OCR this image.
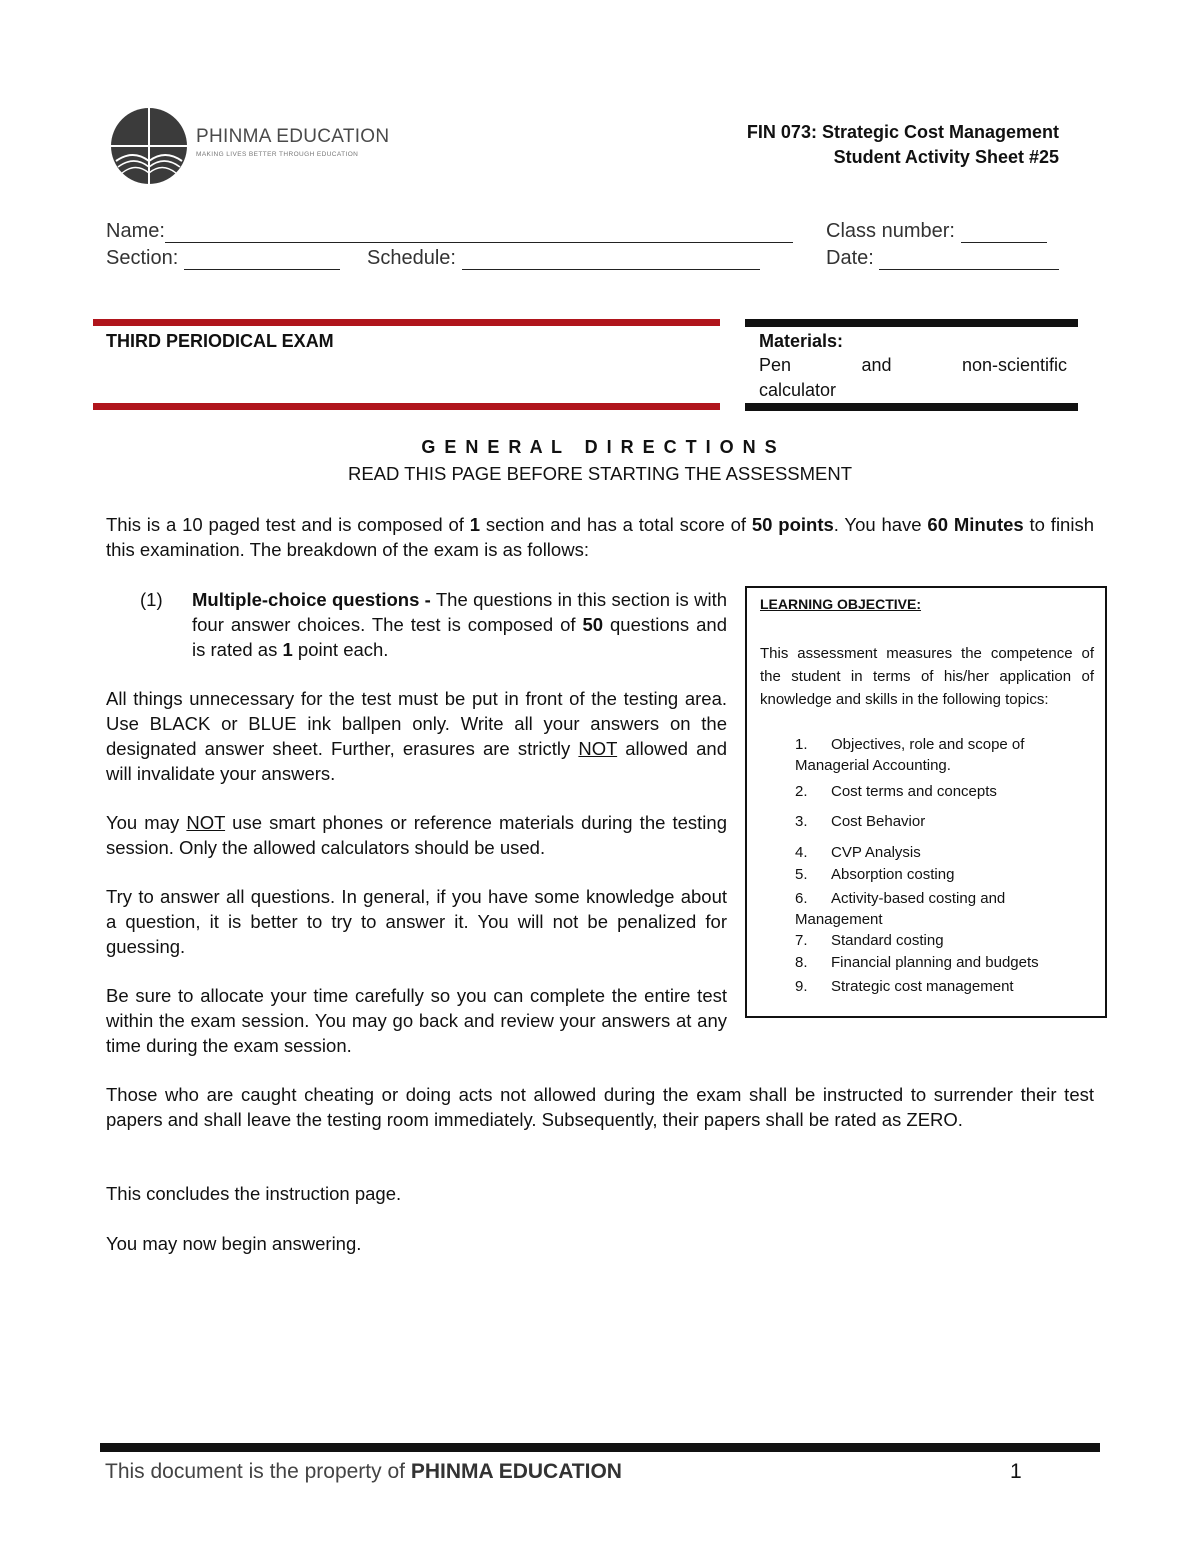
PHINMA EDUCATION
MAKING LIVES BETTER THROUGH EDUCATION
FIN 073: Strategic Cost Management
Student Activity Sheet #25
Name:	Class number:
Section:	Schedule:	Date:
THIRD PERIODICAL EXAM	Materials:
Pen	and	non-scientific
calculator
G E N E R A L   D I R E C T I O N S
READ THIS PAGE BEFORE STARTING THE ASSESSMENT
This is a 10 paged test and is composed of 1 section and has a total score of 50 points. You have 60 Minutes to finish this examination. The breakdown of the exam is as follows:
(1) Multiple-choice questions - The questions in this section is with four answer choices. The test is composed of 50 questions and is rated as 1 point each.
All things unnecessary for the test must be put in front of the testing area. Use BLACK or BLUE ink ballpen only. Write all your answers on the designated answer sheet. Further, erasures are strictly NOT allowed and will invalidate your answers.
You may NOT use smart phones or reference materials during the testing session. Only the allowed calculators should be used.
Try to answer all questions. In general, if you have some knowledge about a question, it is better to try to answer it. You will not be penalized for guessing.
Be sure to allocate your time carefully so you can complete the entire test within the exam session. You may go back and review your answers at any time during the exam session.
Those who are caught cheating or doing acts not allowed during the exam shall be instructed to surrender their test papers and shall leave the testing room immediately. Subsequently, their papers shall be rated as ZERO.
This concludes the instruction page.
You may now begin answering.
LEARNING OBJECTIVE:
This assessment measures the competence of the student in terms of his/her application of knowledge and skills in the following topics:
1. Objectives, role and scope of Managerial Accounting.
2. Cost terms and concepts
3. Cost Behavior
4. CVP Analysis
5. Absorption costing
6. Activity-based costing and Management
7. Standard costing
8. Financial planning and budgets
9. Strategic cost management
This document is the property of PHINMA EDUCATION	1
